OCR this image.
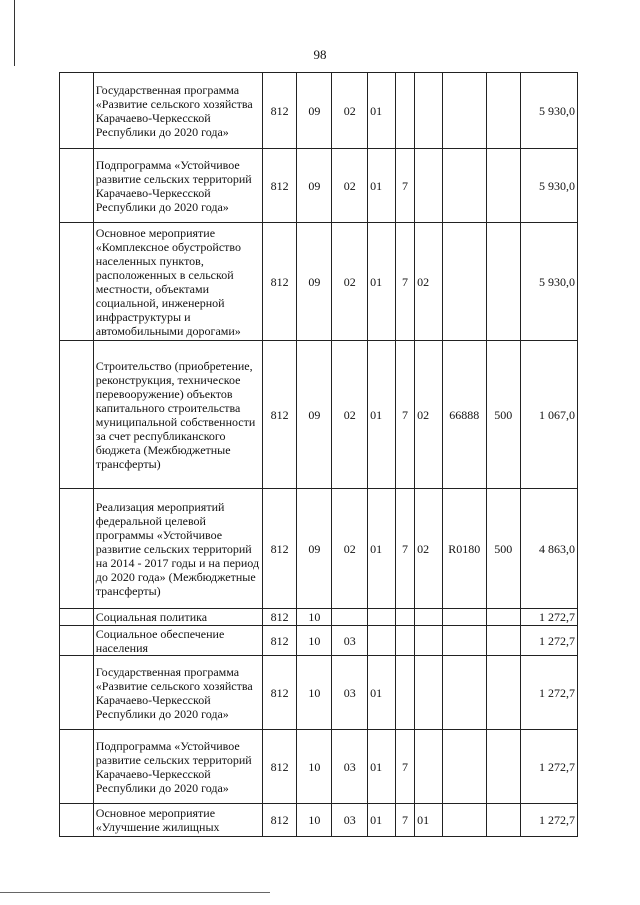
98
	Государственная программа «Развитие сельского хозяйства Карачаево-Черкесской Республики до 2020 года»	812	09	02	01					5 930,0
	Подпрограмма «Устойчивое развитие сельских территорий Карачаево-Черкесской Республики до 2020 года»	812	09	02	01	7				5 930,0
	Основное мероприятие «Комплексное обустройство населенных пунктов, расположенных в сельской местности, объектами социальной, инженерной инфраструктуры и автомобильными дорогами»	812	09	02	01	7	02			5 930,0
	Строительство (приобретение, реконструкция, техническое перевооружение) объектов капитального строительства муниципальной собственности за счет республиканского бюджета (Межбюджетные трансферты)	812	09	02	01	7	02	66888	500	1 067,0
	Реализация мероприятий федеральной целевой программы «Устойчивое развитие сельских территорий на 2014 - 2017 годы и на период до 2020 года» (Межбюджетные трансферты)	812	09	02	01	7	02	R0180	500	4 863,0
	Социальная политика	812	10							1 272,7
	Социальное обеспечение населения	812	10	03						1 272,7
	Государственная программа «Развитие сельского хозяйства Карачаево-Черкесской Республики до 2020 года»	812	10	03	01					1 272,7
	Подпрограмма «Устойчивое развитие сельских территорий Карачаево-Черкесской Республики до 2020 года»	812	10	03	01	7				1 272,7
	Основное мероприятие «Улучшение жилищных	812	10	03	01	7	01			1 272,7
